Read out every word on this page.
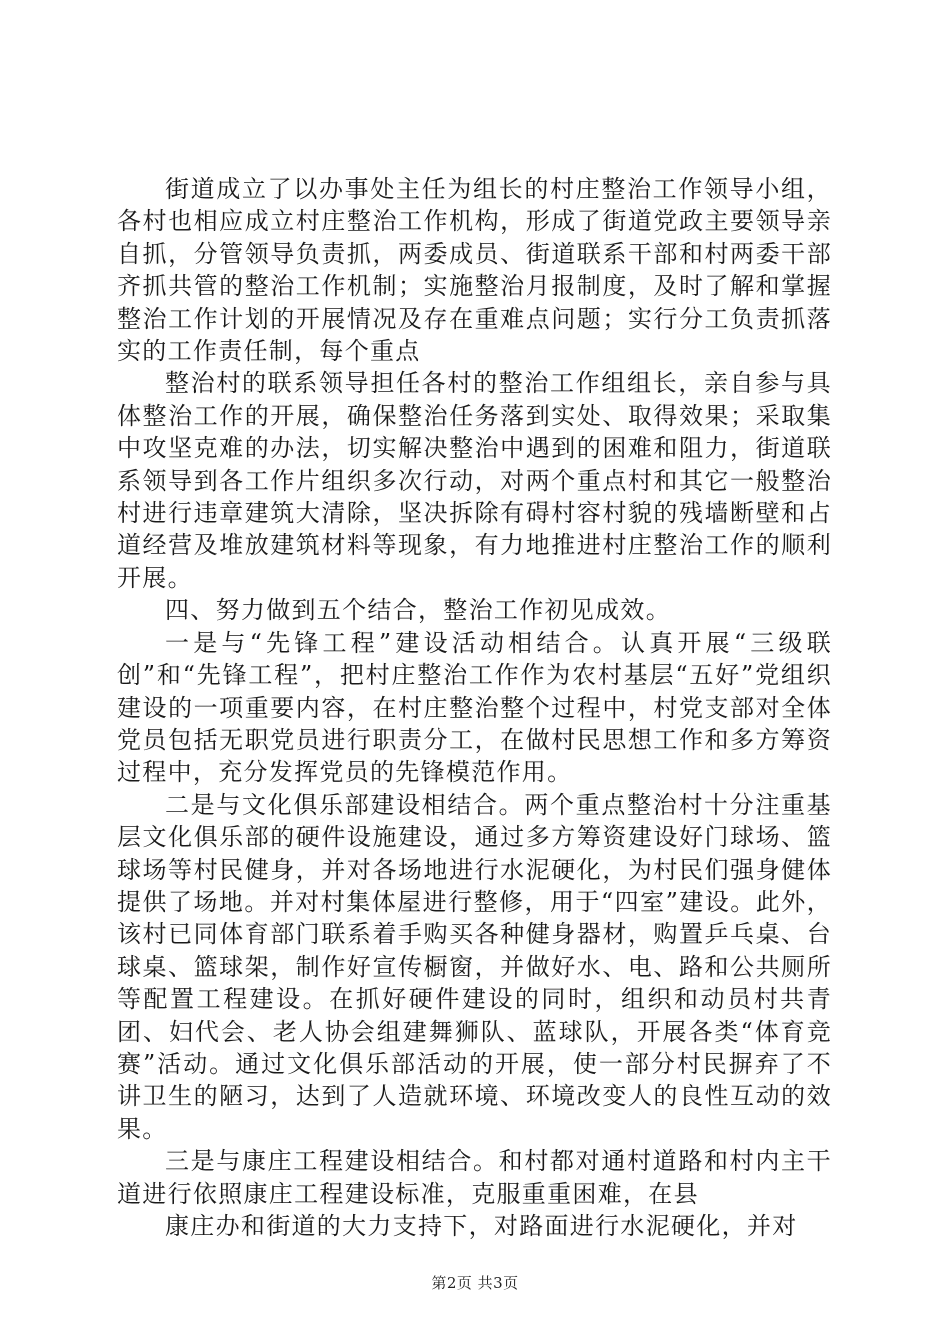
街道成立了以办事处主任为组长的村庄整治工作领导小组，各村也相应成立村庄整治工作机构，形成了街道党政主要领导亲自抓，分管领导负责抓，两委成员、街道联系干部和村两委干部齐抓共管的整治工作机制；实施整治月报制度，及时了解和掌握整治工作计划的开展情况及存在重难点问题；实行分工负责抓落实的工作责任制，每个重点

整治村的联系领导担任各村的整治工作组组长，亲自参与具体整治工作的开展，确保整治任务落到实处、取得效果；采取集中攻坚克难的办法，切实解决整治中遇到的困难和阻力，街道联系领导到各工作片组织多次行动，对两个重点村和其它一般整治村进行违章建筑大清除，坚决拆除有碍村容村貌的残墙断壁和占道经营及堆放建筑材料等现象，有力地推进村庄整治工作的顺利开展。

四、努力做到五个结合，整治工作初见成效。

一是与“先锋工程”建设活动相结合。认真开展“三级联创”和“先锋工程”，把村庄整治工作作为农村基层“五好”党组织建设的一项重要内容，在村庄整治整个过程中，村党支部对全体党员包括无职党员进行职责分工，在做村民思想工作和多方筹资过程中，充分发挥党员的先锋模范作用。

二是与文化俱乐部建设相结合。两个重点整治村十分注重基层文化俱乐部的硬件设施建设，通过多方筹资建设好门球场、篮球场等村民健身，并对各场地进行水泥硬化，为村民们强身健体提供了场地。并对村集体屋进行整修，用于“四室”建设。此外，该村已同体育部门联系着手购买各种健身器材，购置乒乓桌、台球桌、篮球架，制作好宣传橱窗，并做好水、电、路和公共厕所等配置工程建设。在抓好硬件建设的同时，组织和动员村共青团、妇代会、老人协会组建舞狮队、蓝球队，开展各类“体育竞赛”活动。通过文化俱乐部活动的开展，使一部分村民摒弃了不讲卫生的陋习，达到了人造就环境、环境改变人的良性互动的效果。

三是与康庄工程建设相结合。和村都对通村道路和村内主干道进行依照康庄工程建设标准，克服重重困难，在县

康庄办和街道的大力支持下，对路面进行水泥硬化，并对

第2页 共3页
